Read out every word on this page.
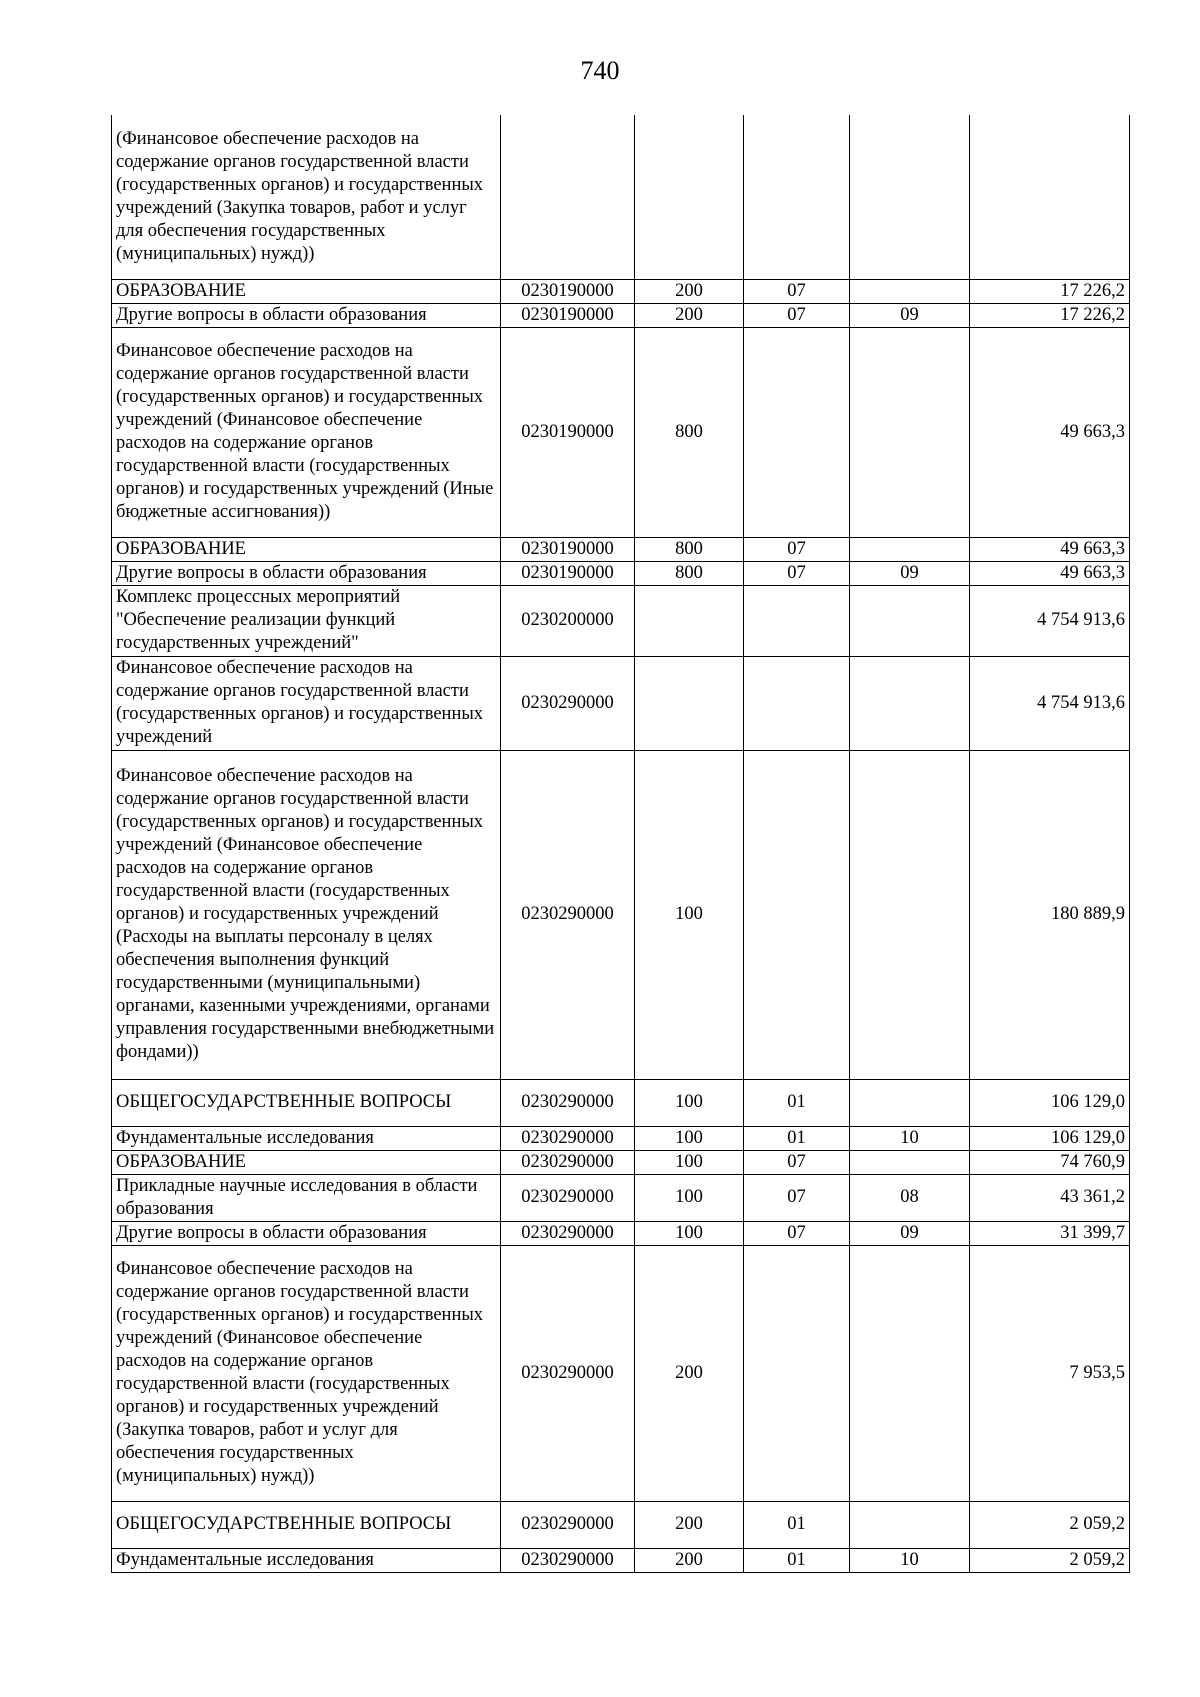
740
(Финансовое обеспечение расходов на содержание органов государственной власти (государственных органов) и государственных учреждений (Закупка товаров, работ и услуг для обеспечения государственных (муниципальных) нужд))					
ОБРАЗОВАНИЕ	0230190000	200	07		17 226,2
Другие вопросы в области образования	0230190000	200	07	09	17 226,2
Финансовое обеспечение расходов на содержание органов государственной власти (государственных органов) и государственных учреждений (Финансовое обеспечение расходов на содержание органов государственной власти (государственных органов) и государственных учреждений (Иные бюджетные ассигнования))	0230190000	800			49 663,3
ОБРАЗОВАНИЕ	0230190000	800	07		49 663,3
Другие вопросы в области образования	0230190000	800	07	09	49 663,3
Комплекс процессных мероприятий "Обеспечение реализации функций государственных учреждений"	0230200000				4 754 913,6
Финансовое обеспечение расходов на содержание органов государственной власти (государственных органов) и государственных учреждений	0230290000				4 754 913,6
Финансовое обеспечение расходов на содержание органов государственной власти (государственных органов) и государственных учреждений (Финансовое обеспечение расходов на содержание органов государственной власти (государственных органов) и государственных учреждений (Расходы на выплаты персоналу в целях обеспечения выполнения функций государственными (муниципальными) органами, казенными учреждениями, органами управления государственными внебюджетными фондами))	0230290000	100			180 889,9
ОБЩЕГОСУДАРСТВЕННЫЕ ВОПРОСЫ	0230290000	100	01		106 129,0
Фундаментальные исследования	0230290000	100	01	10	106 129,0
ОБРАЗОВАНИЕ	0230290000	100	07		74 760,9
Прикладные научные исследования в области образования	0230290000	100	07	08	43 361,2
Другие вопросы в области образования	0230290000	100	07	09	31 399,7
Финансовое обеспечение расходов на содержание органов государственной власти (государственных органов) и государственных учреждений (Финансовое обеспечение расходов на содержание органов государственной власти (государственных органов) и государственных учреждений (Закупка товаров, работ и услуг для обеспечения государственных (муниципальных) нужд))	0230290000	200			7 953,5
ОБЩЕГОСУДАРСТВЕННЫЕ ВОПРОСЫ	0230290000	200	01		2 059,2
Фундаментальные исследования	0230290000	200	01	10	2 059,2
